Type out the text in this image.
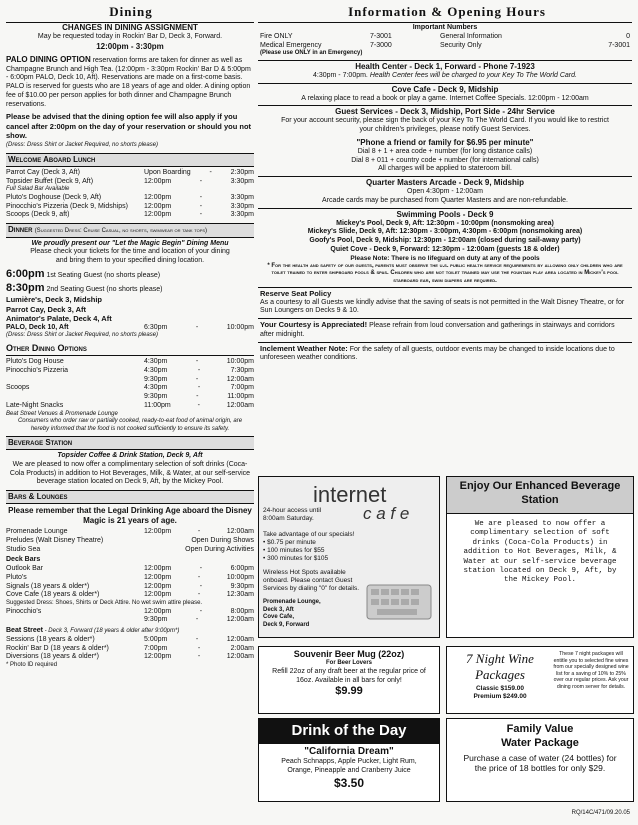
Dining
CHANGES IN DINING ASSIGNMENT
May be requested today in Rockin' Bar D, Deck 3, Forward.
12:00pm - 3:30pm
PALO DINING OPTION reservation forms are taken for dinner as well as Champagne Brunch and High Tea. (12:00pm - 3:30pm Rockin' Bar D & 5:00pm - 6:00pm PALO, Deck 10, Aft). Reservations are made on a first-come basis. PALO is reserved for guests who are 18 years of age and older. A dining option fee of $10.00 per person applies for both dinner and Champagne Brunch reservations.
Please be advised that the dining option fee will also apply if you cancel after 2:00pm on the day of your reservation or should you not show.
(Dress: Dress Shirt or Jacket Required, no shorts please)
Welcome Aboard Lunch
Parrot Cay (Deck 3, Aft)	Upon Boarding	-	2:30pm
Topsider Buffet (Deck 9, Aft)	12:00pm	-	3:30pm
Full Salad Bar Available
Pluto's Doghouse (Deck 9, Aft)	12:00pm	-	3:30pm
Pinocchio's Pizzeria (Deck 9, Midships) 12:00pm	-	3:30pm
Scoops (Deck 9, aft)	12:00pm	-	3:30pm
Dinner (Suggested Dress: Cruise Casual, no shorts, swimwear or tank tops)
We proudly present our "Let the Magic Begin" Dining Menu
Please check your tickets for the time and location of your dining and bring them to your specified dining location.
6:00pm 1st Seating Guest (no shorts please)
8:30pm 2nd Seating Guest (no shorts please)
Lumière's, Deck 3, Midship
Parrot Cay, Deck 3, Aft
Animator's Palate, Deck 4, Aft
PALO, Deck 10, Aft	6:30pm	-	10:00pm
(Dress: Dress Shirt or Jacket Required, no shorts please)
Other Dining Options
Pluto's Dog House	4:30pm	-	10:00pm
Pinocchio's Pizzeria	4:30pm	-	7:30pm
9:30pm	-	12:00am
Scoops	4:30pm	-	7:00pm
9:30pm	-	11:00pm
Late-Night Snacks	11:00pm	-	12:00am
Beat Street Venues & Promenade Lounge
Consumers who order raw or partially cooked, ready-to-eat food of animal origin, are hereby informed that the food is not cooked sufficiently to ensure its safety.
Beverage Station
Topsider Coffee & Drink Station, Deck 9, Aft
We are pleased to now offer a complimentary selection of soft drinks (Coca-Cola Products) in addition to Hot Beverages, Milk, & Water, at our self-service beverage station located on Deck 9, Aft, by the Mickey Pool.
Bars & Lounges
Please remember that the Legal Drinking Age aboard the Disney Magic is 21 years of age.
Promenade Lounge	12:00pm	-	12:00am
Preludes (Walt Disney Theatre)	Open During Shows
Studio Sea	Open During Activities
Deck Bars
Outlook Bar	12:00pm	-	6:00pm
Pluto's	12:00pm	-	10:00pm
Signals (18 years & older*)	12:00pm	-	9:30pm
Cove Cafe (18 years & older*)	12:00pm	-	12:30am
Suggested Dress: Shoes, Shirts or Deck Attire. No wet swim attire please.
Pinocchio's	12:00pm	-	8:00pm
9:30pm	-	12:00am
Beat Street - Deck 3, Forward (18 years & older after 9:00pm*)
Sessions (18 years & older*)	5:00pm	-	12:00am
Rockin' Bar D (18 years & older*)	7:00pm	-	2:00am
Diversions (18 years & older*)	12:00pm	-	12:00am
* Photo ID required
Information & Opening Hours
Important Numbers
Fire ONLY	7-3001	General Information	0
Medical Emergency	7-3000	Security Only	7-3001
(Please use ONLY in an Emergency)
Health Center - Deck 1, Forward - Phone 7-1923
4:30pm - 7:00pm. Health Center fees will be charged to your Key To The World Card.
Cove Cafe - Deck 9, Midship
A relaxing place to read a book or play a game. Internet Coffee Specials. 12:00pm - 12:00am
Guest Services - Deck 3, Midship, Port Side - 24hr Service
For your account security, please sign the back of your Key To The World Card. If you would like to restrict your children's privileges, please notify Guest Services.
"Phone a friend or family for $6.95 per minute"
Dial 8 + 1 + area code + number (for long distance calls)
Dial 8 + 011 + country code + number (for international calls)
All charges will be applied to stateroom bill.
Quarter Masters Arcade - Deck 9, Midship
Open 4:30pm - 12:00am
Arcade cards may be purchased from Quarter Masters and are non-refundable.
Swimming Pools - Deck 9
Mickey's Pool, Deck 9, Aft: 12:30pm - 10:00pm (nonsmoking area)
Mickey's Slide, Deck 9, Aft: 12:30pm - 3:00pm, 4:30pm - 6:00pm (nonsmoking area)
Goofy's Pool, Deck 9, Midship: 12:30pm - 12:00am (closed during sail-away party)
Quiet Cove - Deck 9, Forward: 12:30pm - 12:00am (guests 18 & older)
Please Note: There is no lifeguard on duty at any of the pools
* For the health and safety of our guests, parents must observe the u.s. public health service requirements by allowing only children who are toilet trained to enter shipboard pools & spas. Children who are not toilet trained may use the fountain play area located in Mickey's pool starboard ear, swim diapers are required.
Reserve Seat Policy
As a courtesy to all Guests we kindly advise that the saving of seats is not permitted in the Walt Disney Theatre, or for Sun Loungers on Decks 9 & 10.
Your Courtesy is Appreciated! Please refrain from loud conversation and gatherings in stairways and corridors after midnight.
Inclement Weather Note: For the safety of all guests, outdoor events may be changed to inside locations due to unforeseen weather conditions.
internet
c a f e
24-hour access until 8:00am Saturday.
Take advantage of our specials!
• $0.75 per minute
• 100 minutes for $55
• 300 minutes for $105
Wireless Hot Spots available onboard. Please contact Guest Services by dialing "0" for details.
Promenade Lounge,
Deck 3, Aft
Cove Cafe,
Deck 9, Forward
Enjoy Our Enhanced Beverage Station
We are pleased to now offer a complimentary selection of soft drinks (Coca-Cola Products) in addition to Hot Beverages, Milk, & Water at our self-service beverage station located on Deck 9, Aft, by the Mickey Pool.
Souvenir Beer Mug (22oz)
For Beer Lovers
Refill 22oz of any draft beer at the regular price of 16oz. Available in all bars for only!
$9.99
7 Night Wine
Packages
Classic $159.00
Premium $249.00
These 7 night packages will entitle you to selected fine wines from our specially designed wine list for a saving of 10% to 25% over our regular prices. Ask your dining room server for details.
Drink of the Day
"California Dream"
Peach Schnapps, Apple Pucker, Light Rum, Orange, Pineapple and Cranberry Juice
$3.50
Family Value
Water Package
Purchase a case of water (24 bottles) for the price of 18 bottles for only $29.
RQ/14C/471/09.20.05
